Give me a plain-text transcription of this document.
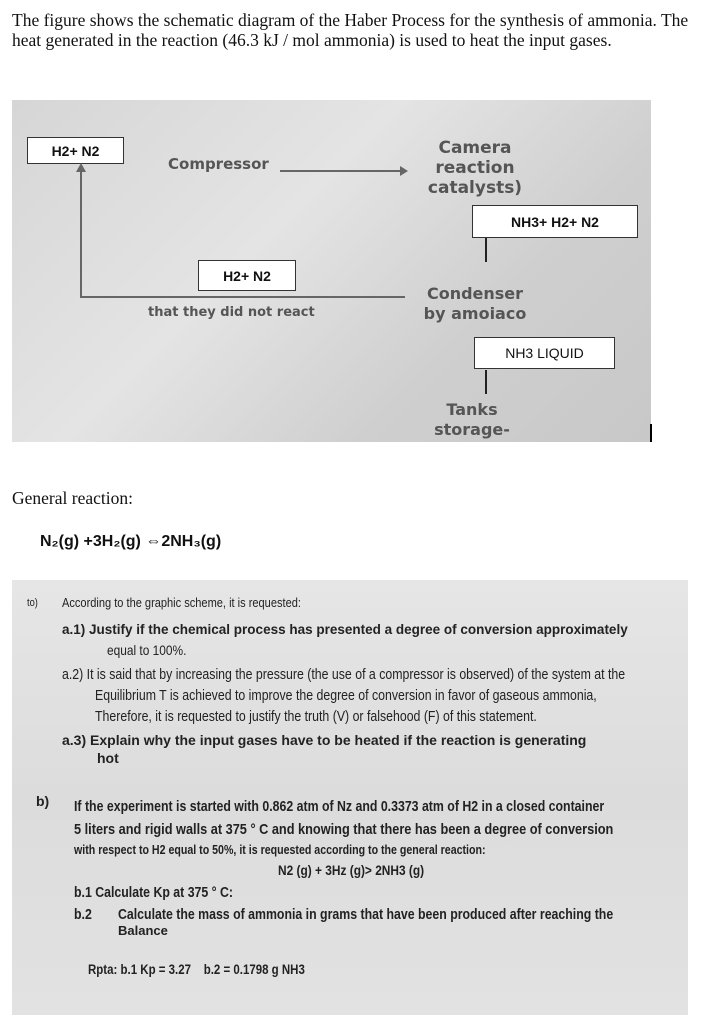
The figure shows the schematic diagram of the Haber Process for the synthesis of ammonia. The heat generated in the reaction (46.3 kJ / mol ammonia) is used to heat the input gases.
H2+ N2
Compressor
Camera
reaction
catalysts)
NH3+ H2+ N2
H2+ N2
that they did not react
Condenser
by amoiaco
NH3 LIQUID
Tanks
storage-
General reaction:
N₂(g) +3H₂(g) ⇔2NH₃(g)
to) According to the graphic scheme, it is requested:
a.1) Justify if the chemical process has presented a degree of conversion approximately
equal to 100%.
a.2) It is said that by increasing the pressure (the use of a compressor is observed) of the system at the
Equilibrium T is achieved to improve the degree of conversion in favor of gaseous ammonia,
Therefore, it is requested to justify the truth (V) or falsehood (F) of this statement.
a.3) Explain why the input gases have to be heated if the reaction is generating
hot
b) If the experiment is started with 0.862 atm of Nz and 0.3373 atm of H2 in a closed container
5 liters and rigid walls at 375 ° C and knowing that there has been a degree of conversion
with respect to H2 equal to 50%, it is requested according to the general reaction:
N2 (g) + 3Hz (g)> 2NH3 (g)
b.1 Calculate Kp at 375 ° C:
b.2 Calculate the mass of ammonia in grams that have been produced after reaching the
Balance
Rpta: b.1 Kp = 3.27    b.2 = 0.1798 g NH3
